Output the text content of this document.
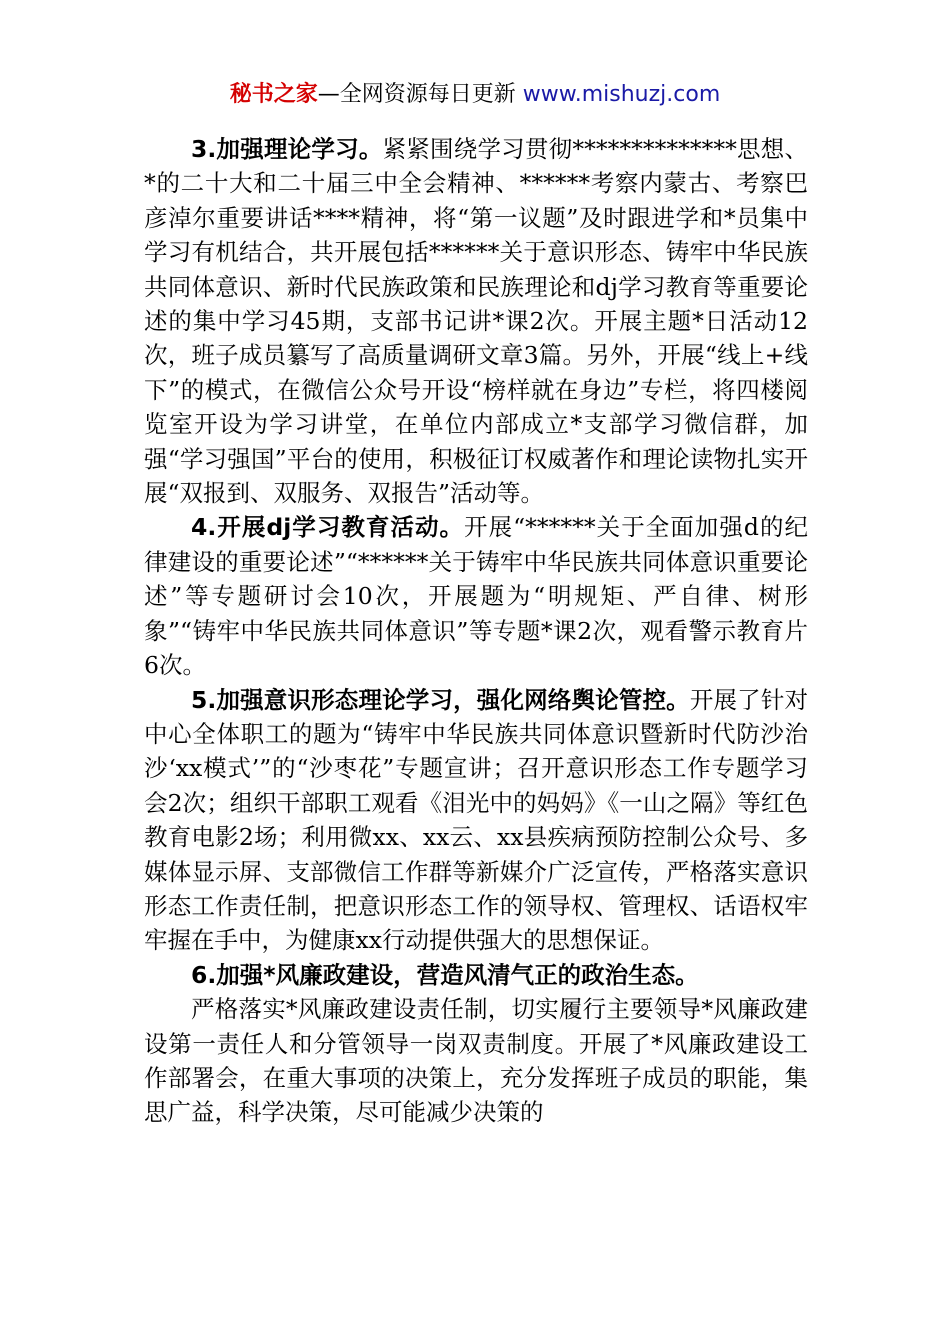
秘书之家—全网资源每日更新 www.mishuzj.com

3.加强理论学习。紧紧围绕学习贯彻**************思想、*的二十大和二十届三中全会精神、******考察内蒙古、考察巴彦淖尔重要讲话****精神，将“第一议题”及时跟进学和*员集中学习有机结合，共开展包括******关于意识形态、铸牢中华民族共同体意识、新时代民族政策和民族理论和dj学习教育等重要论述的集中学习45期，支部书记讲*课2次。开展主题*日活动12次，班子成员纂写了高质量调研文章3篇。另外，开展“线上+线下”的模式，在微信公众号开设“榜样就在身边”专栏，将四楼阅览室开设为学习讲堂，在单位内部成立*支部学习微信群，加强“学习强国”平台的使用，积极征订权威著作和理论读物扎实开展“双报到、双服务、双报告”活动等。

4.开展dj学习教育活动。开展“******关于全面加强d的纪律建设的重要论述”“******关于铸牢中华民族共同体意识重要论述”等专题研讨会10次，开展题为“明规矩、严自律、树形象”“铸牢中华民族共同体意识”等专题*课2次，观看警示教育片6次。

5.加强意识形态理论学习，强化网络舆论管控。开展了针对中心全体职工的题为“铸牢中华民族共同体意识暨新时代防沙治沙‘xx模式’”的“沙枣花”专题宣讲；召开意识形态工作专题学习会2次；组织干部职工观看《泪光中的妈妈》《一山之隔》等红色教育电影2场；利用微xx、xx云、xx县疾病预防控制公众号、多媒体显示屏、支部微信工作群等新媒介广泛宣传，严格落实意识形态工作责任制，把意识形态工作的领导权、管理权、话语权牢牢握在手中，为健康xx行动提供强大的思想保证。

6.加强*风廉政建设，营造风清气正的政治生态。

严格落实*风廉政建设责任制，切实履行主要领导*风廉政建设第一责任人和分管领导一岗双责制度。开展了*风廉政建设工作部署会，在重大事项的决策上，充分发挥班子成员的职能，集思广益，科学决策，尽可能减少决策的
